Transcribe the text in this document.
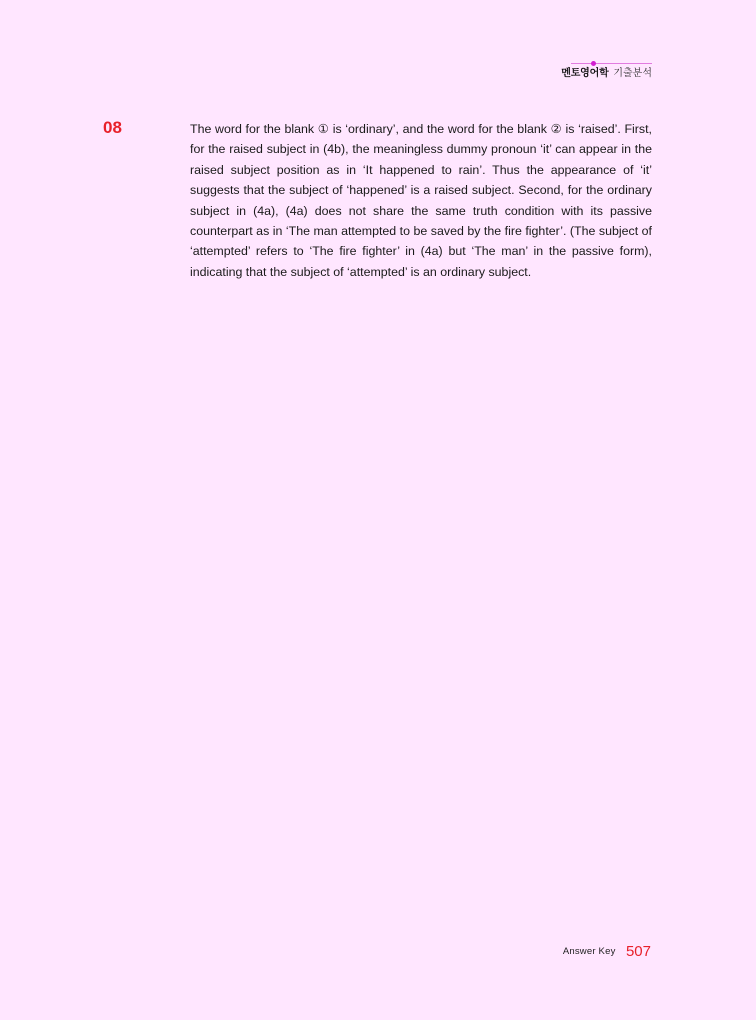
멘토영어학 기출분석
08	The word for the blank ① is ‘ordinary’, and the word for the blank ② is ‘raised’. First, for the raised subject in (4b), the meaningless dummy pronoun ‘it’ can appear in the raised subject position as in ‘It happened to rain’. Thus the appearance of ‘it’ suggests that the subject of ‘happened’ is a raised subject. Second, for the ordinary subject in (4a), (4a) does not share the same truth condition with its passive counterpart as in ‘The man attempted to be saved by the fire fighter’. (The subject of ‘attempted’ refers to ‘The fire fighter’ in (4a) but ‘The man’ in the passive form), indicating that the subject of ‘attempted’ is an ordinary subject.

Answer Key 507
